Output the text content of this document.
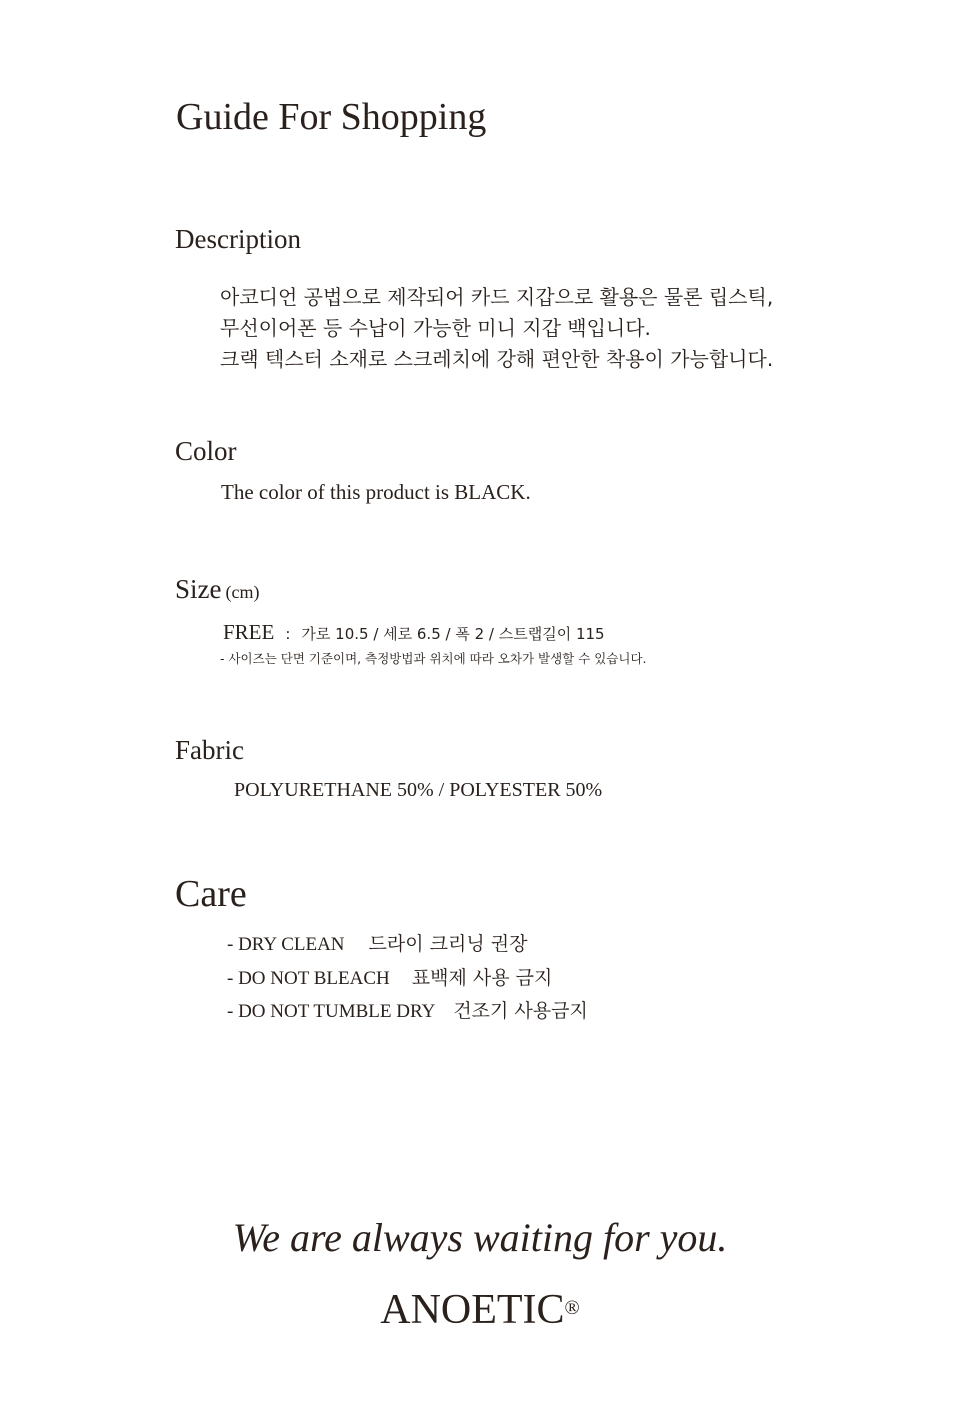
Guide For Shopping
Description
아코디언 공법으로 제작되어 카드 지갑으로 활용은 물론 립스틱,
무선이어폰 등 수납이 가능한 미니 지갑 백입니다.
크랙 텍스터 소재로 스크레치에 강해 편안한 착용이 가능합니다.
Color
The color of this product is BLACK.
Size (cm)
FREE : 가로 10.5 / 세로 6.5 / 폭 2 / 스트랩길이 115
- 사이즈는 단면 기준이며, 측정방법과 위치에 따라 오차가 발생할 수 있습니다.
Fabric
POLYURETHANE 50% / POLYESTER 50%
Care
- DRY CLEAN 드라이 크리닝 권장
- DO NOT BLEACH 표백제 사용 금지
- DO NOT TUMBLE DRY 건조기 사용금지
We are always waiting for you.
ANOETIC®
